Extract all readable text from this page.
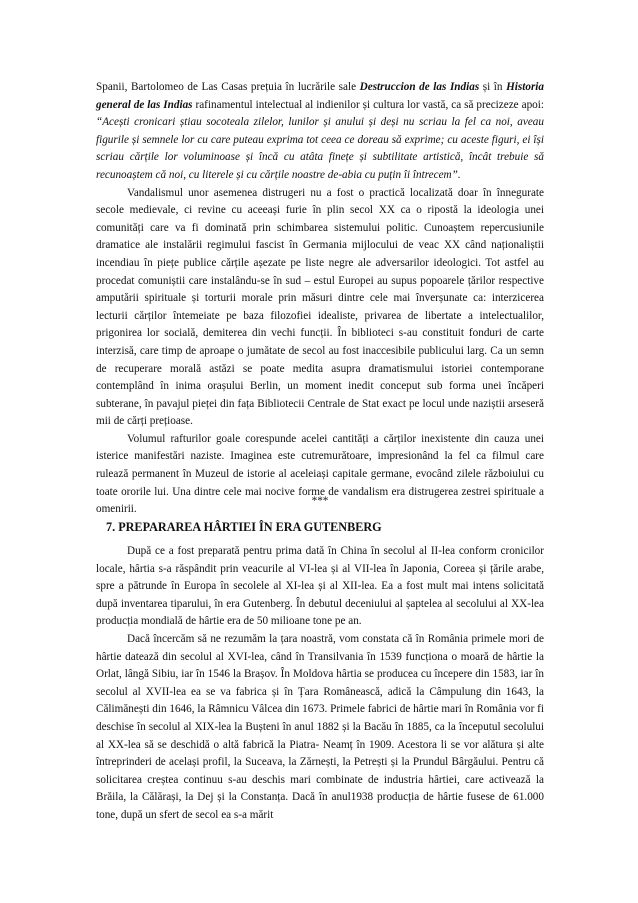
Spanii, Bartolomeo de Las Casas prețuia în lucrările sale Destruccion de las Indias și în Historia general de las Indias rafinamentul intelectual al indienilor și cultura lor vastă, ca să precizeze apoi: “Acești cronicari știau socoteala zilelor, lunilor și anului și deși nu scriau la fel ca noi, aveau figurile și semnele lor cu care puteau exprima tot ceea ce doreau să exprime; cu aceste figuri, ei își scriau cărțile lor voluminoase și încă cu atâta finețe și subtilitate artistică, încât trebuie să recunoaștem că noi, cu literele și cu cărțile noastre de-abia cu puțin îi întrecem”.

Vandalismul unor asemenea distrugeri nu a fost o practică localizată doar în înnegurate secole medievale, ci revine cu aceeași furie în plin secol XX ca o ripostă la ideologia unei comunități care va fi dominată prin schimbarea sistemului politic. Cunoaștem repercusiunile dramatice ale instalării regimului fascist în Germania mijlocului de veac XX când naționaliștii incendiau în piețe publice cărțile așezate pe liste negre ale adversarilor ideologici. Tot astfel au procedat comuniștii care instalându-se în sud – estul Europei au supus popoarele țărilor respective amputării spirituale și torturii morale prin măsuri dintre cele mai înverșunate ca: interzicerea lecturii cărților întemeiate pe baza filozofiei idealiste, privarea de libertate a intelectualilor, prigonirea lor socială, demiterea din vechi funcții. În biblioteci s-au constituit fonduri de carte interzisă, care timp de aproape o jumătate de secol au fost inaccesibile publicului larg. Ca un semn de recuperare morală astăzi se poate medita asupra dramatismului istoriei contemporane contemplând în inima orașului Berlin, un moment inedit conceput sub forma unei încăperi subterane, în pavajul pieței din fața Bibliotecii Centrale de Stat exact pe locul unde naziștii arseseră mii de cărți prețioase.

Volumul rafturilor goale corespunde acelei cantități a cărților inexistente din cauza unei isterice manifestări naziste. Imaginea este cutremurătoare, impresionând la fel ca filmul care rulează permanent în Muzeul de istorie al aceleiași capitale germane, evocând zilele războiului cu toate ororile lui. Una dintre cele mai nocive forme de vandalism era distrugerea zestrei spirituale a omenirii.

***
7. PREPARAREA HÂRTIEI ÎN ERA GUTENBERG

După ce a fost preparată pentru prima dată în China în secolul al II-lea conform cronicilor locale, hârtia s-a răspândit prin veacurile al VI-lea și al VII-lea în Japonia, Coreea și țările arabe, spre a pătrunde în Europa în secolele al XI-lea și al XII-lea. Ea a fost mult mai intens solicitată după inventarea tiparului, în era Gutenberg. În debutul deceniului al șaptelea al secolului al XX-lea producția mondială de hârtie era de 50 milioane tone pe an.

Dacă încercăm să ne rezumăm la țara noastră, vom constata că în România primele mori de hârtie datează din secolul al XVI-lea, când în Transilvania în 1539 funcționa o moară de hârtie la Orlat, lângă Sibiu, iar în 1546 la Brașov. În Moldova hârtia se producea cu începere din 1583, iar în secolul al XVII-lea ea se va fabrica și în Țara Românească, adică la Câmpulung din 1643, la Călimănești din 1646, la Râmnicu Vâlcea din 1673. Primele fabrici de hârtie mari în România vor fi deschise în secolul al XIX-lea la Bușteni în anul 1882 și la Bacău în 1885, ca la începutul secolului al XX-lea să se deschidă o altă fabrică la Piatra- Neamț în 1909. Acestora li se vor alătura și alte întreprinderi de același profil, la Suceava, la Zărnești, la Petrești și la Prundul Bârgăului. Pentru că solicitarea creștea continuu s-au deschis mari combinate de industria hârtiei, care activează la Brăila, la Călărași, la Dej și la Constanța. Dacă în anul1938 producția de hârtie fusese de 61.000 tone, după un sfert de secol ea s-a mărit
